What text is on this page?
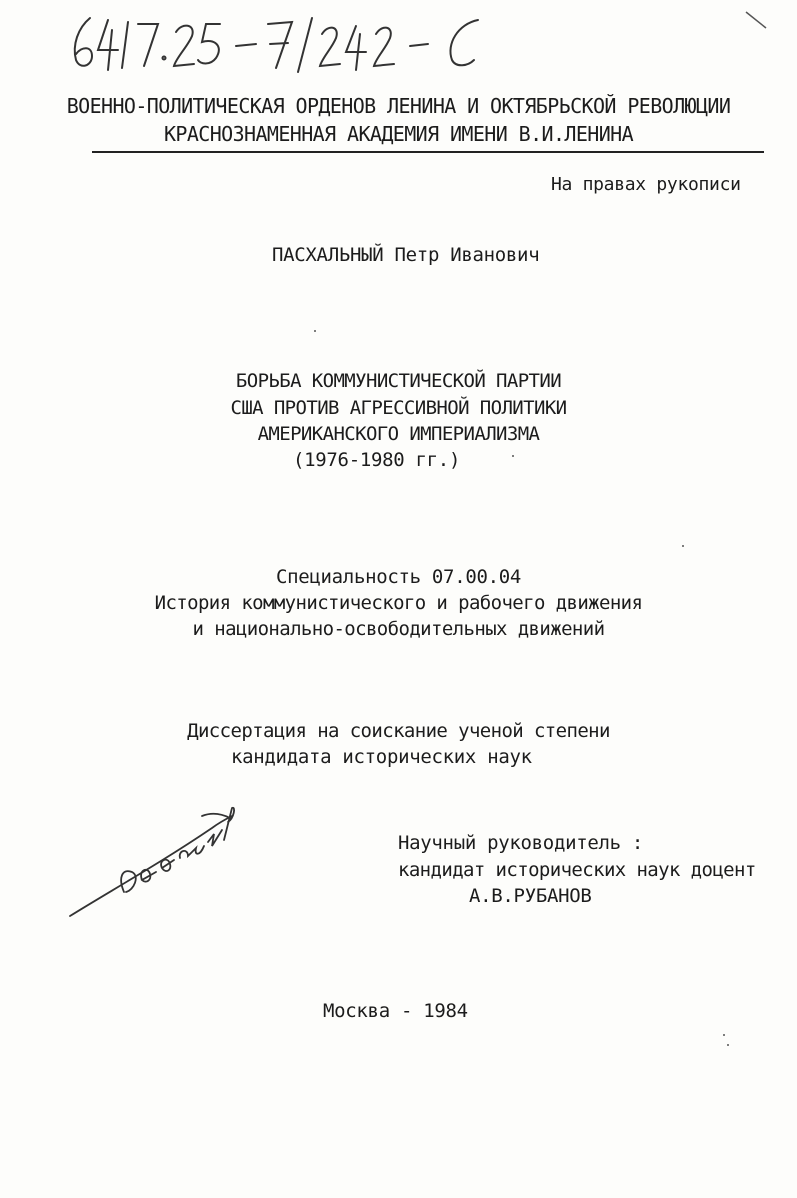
ВОЕННО-ПОЛИТИЧЕСКАЯ ОРДЕНОВ ЛЕНИНА И ОКТЯБРЬСКОЙ РЕВОЛЮЦИИ
КРАСНОЗНАМЕННАЯ АКАДЕМИЯ ИМЕНИ В.И.ЛЕНИНА
На правах рукописи
ПАСХАЛЬНЫЙ Петр Иванович
БОРЬБА КОММУНИСТИЧЕСКОЙ ПАРТИИ
США ПРОТИВ АГРЕССИВНОЙ ПОЛИТИКИ
АМЕРИКАНСКОГО ИМПЕРИАЛИЗМА
(1976-1980 гг.)
Специальность 07.00.04
История коммунистического и рабочего движения
и национально-освободительных движений
Диссертация на соискание ученой степени
кандидата исторических наук
Научный руководитель :
кандидат исторических наук доцент
А.В.РУБАНОВ
Москва - 1984
